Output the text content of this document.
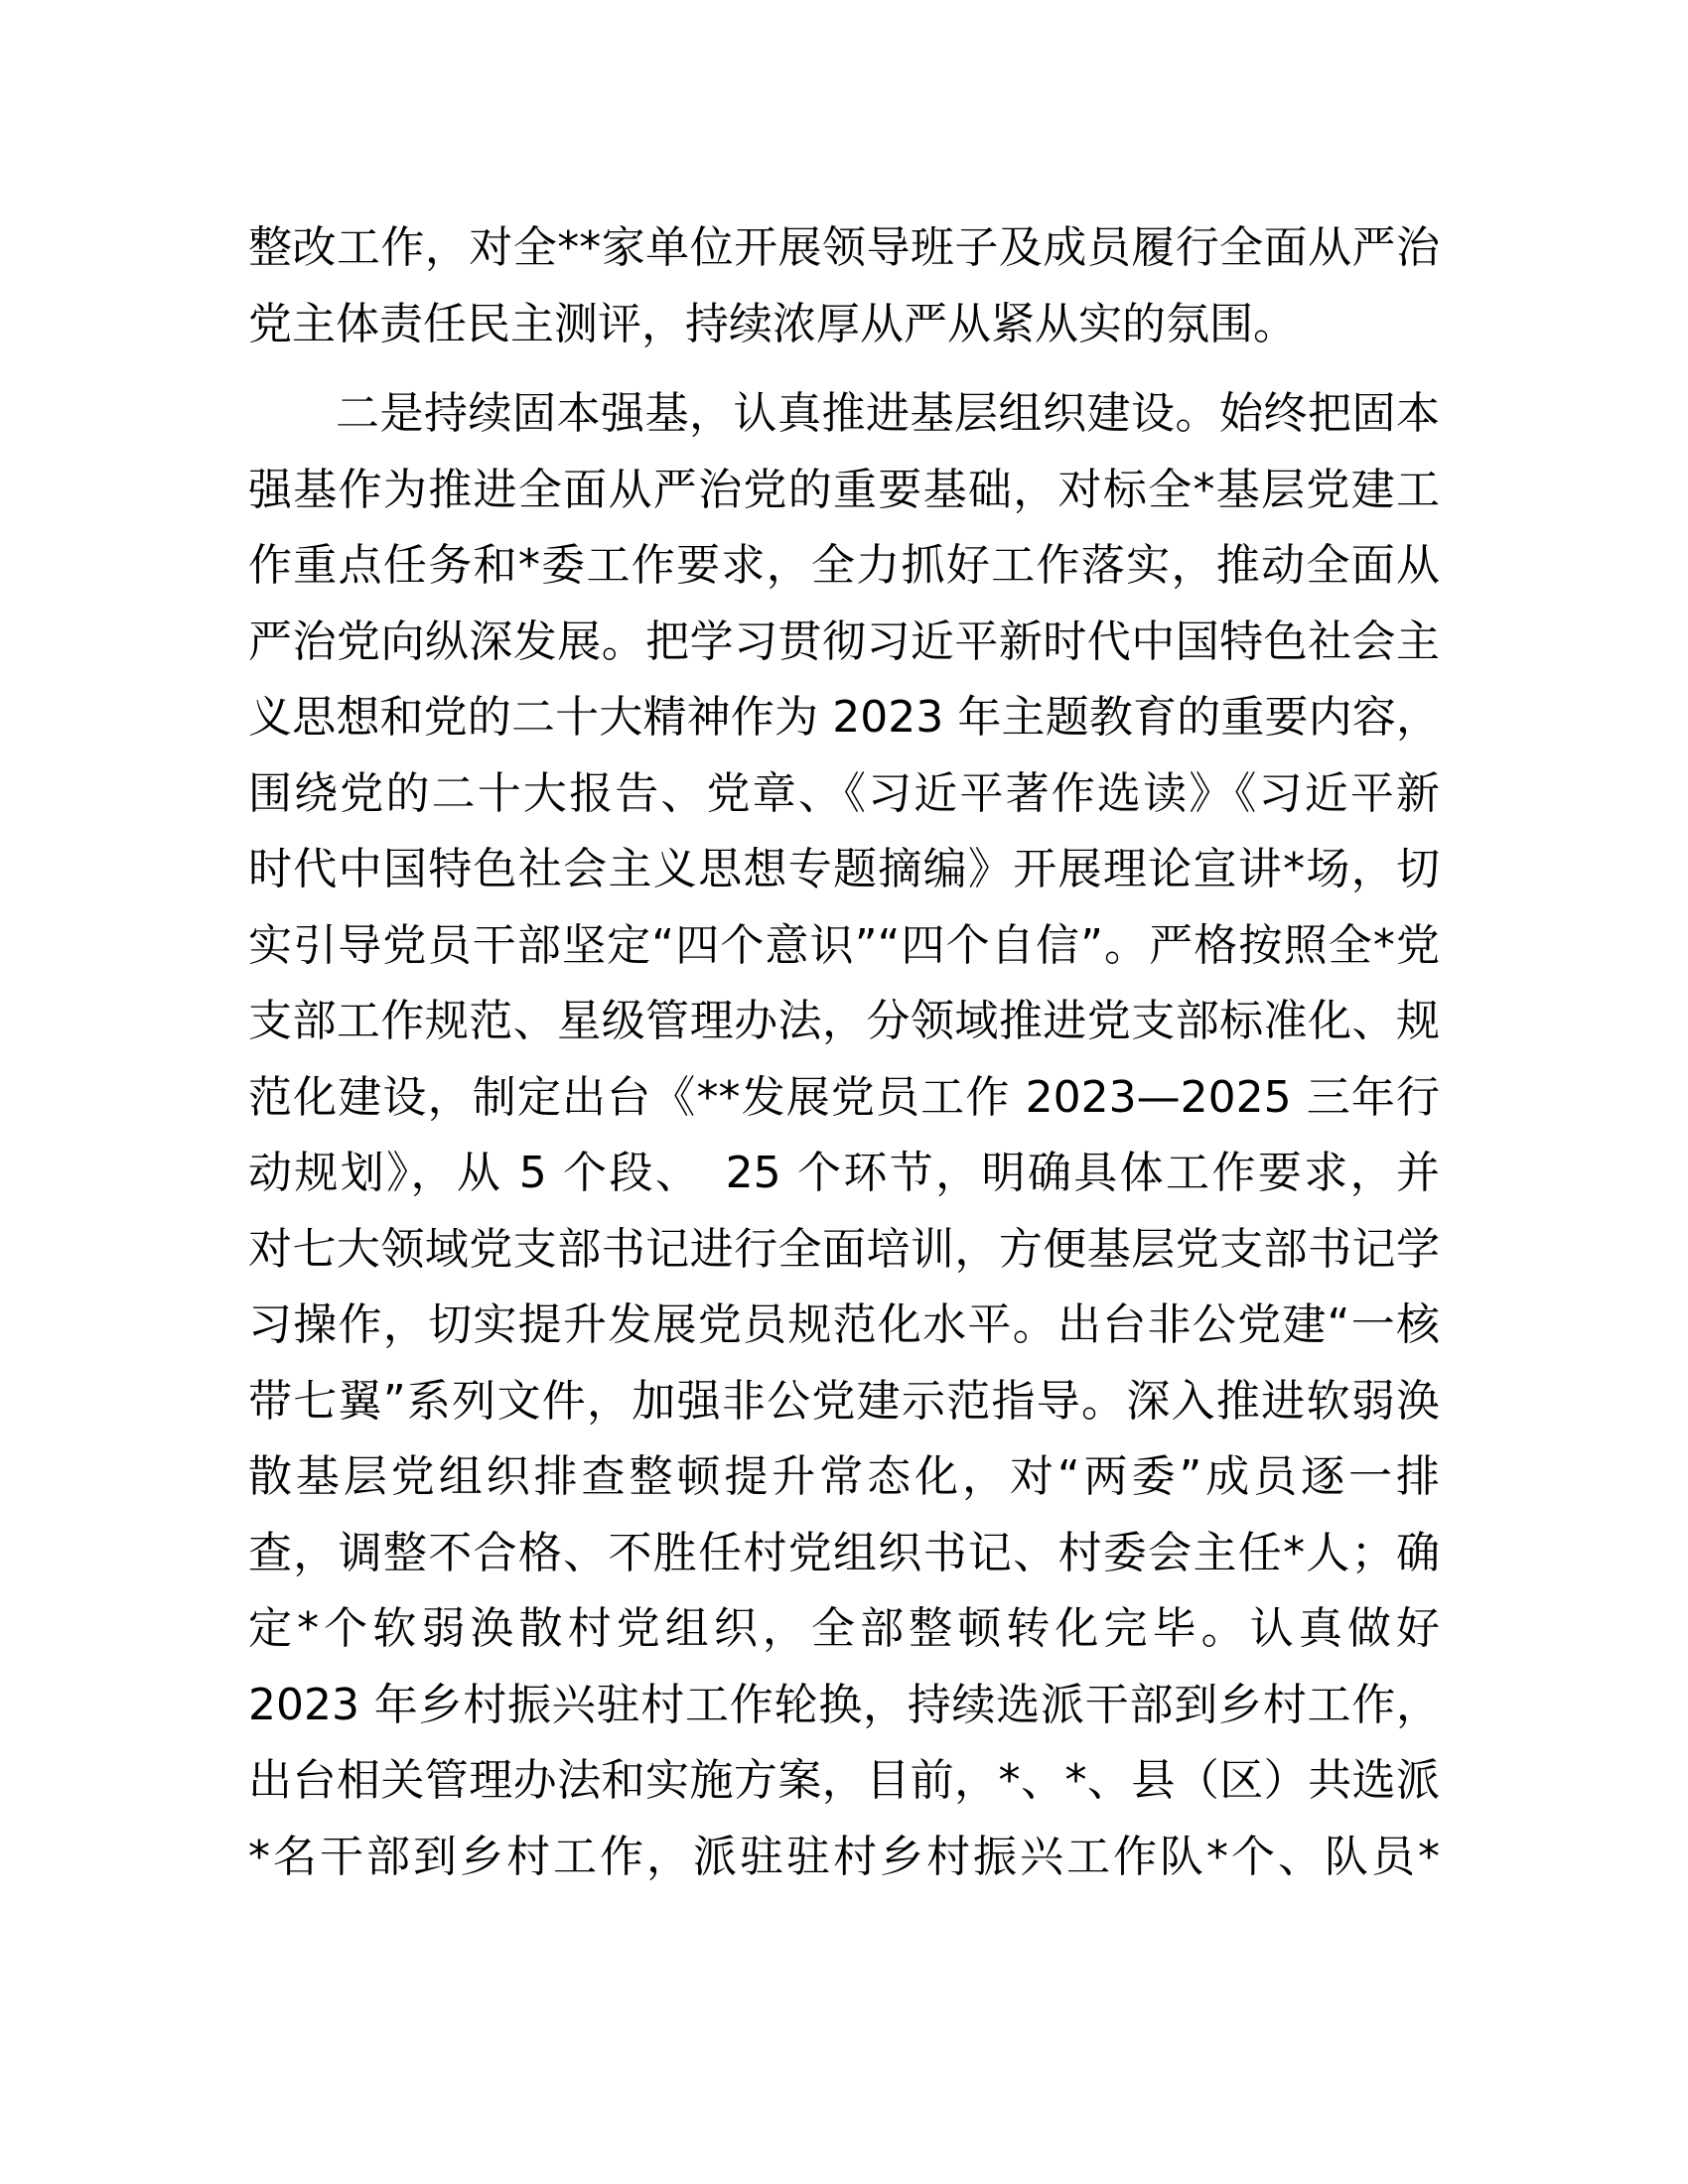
整改工作，对全**家单位开展领导班子及成员履行全面从严治
党主体责任民主测评，持续浓厚从严从紧从实的氛围。
二是持续固本强基，认真推进基层组织建设。始终把固本
强基作为推进全面从严治党的重要基础，对标全*基层党建工
作重点任务和*委工作要求，全力抓好工作落实，推动全面从
严治党向纵深发展。把学习贯彻习近平新时代中国特色社会主
义思想和党的二十大精神作为 2023 年主题教育的重要内容，
围绕党的二十大报告、党章、《习近平著作选读》《习近平新
时代中国特色社会主义思想专题摘编》开展理论宣讲*场，切
实引导党员干部坚定“四个意识”“四个自信”。严格按照全*党
支部工作规范、星级管理办法，分领域推进党支部标准化、规
范化建设，制定出台《**发展党员工作 2023—2025 三年行
动规划》，从 5 个段、　25 个环节，明确具体工作要求，并
对七大领域党支部书记进行全面培训，方便基层党支部书记学
习操作，切实提升发展党员规范化水平。出台非公党建“一核
带七翼”系列文件，加强非公党建示范指导。深入推进软弱涣
散基层党组织排查整顿提升常态化，对“两委”成员逐一排
查，调整不合格、不胜任村党组织书记、村委会主任*人；确
定*个软弱涣散村党组织，全部整顿转化完毕。认真做好
2023 年乡村振兴驻村工作轮换，持续选派干部到乡村工作，
出台相关管理办法和实施方案，目前，*、*、县（区）共选派
*名干部到乡村工作，派驻驻村乡村振兴工作队*个、队员*
